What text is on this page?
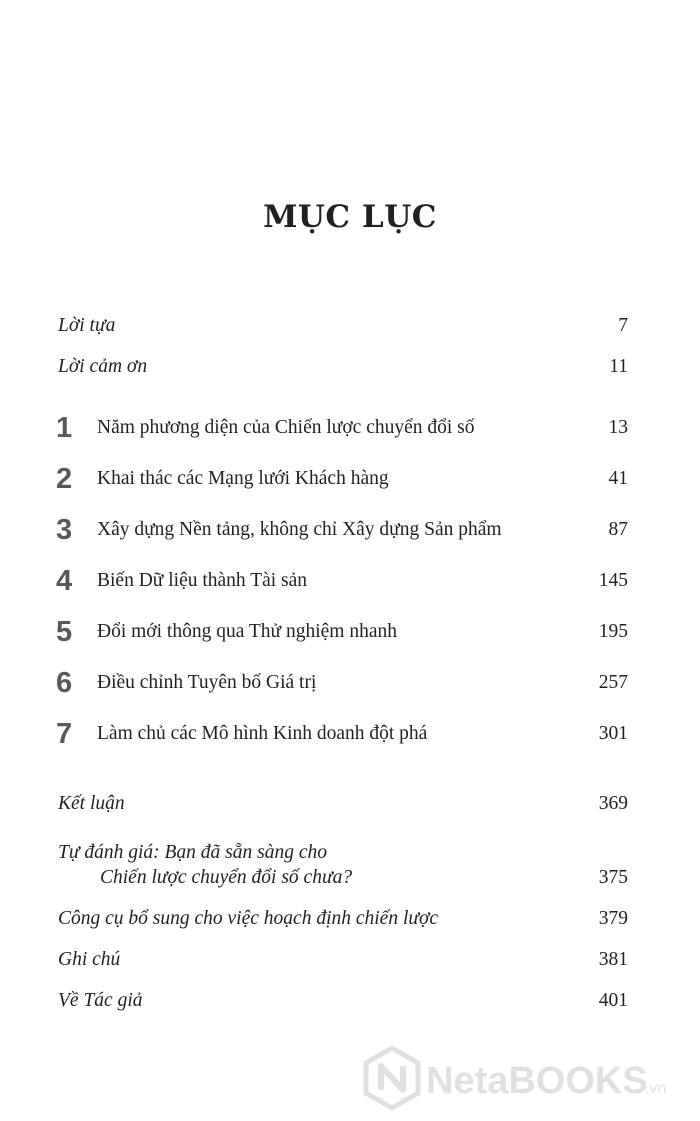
MỤC LỤC
Lời tựa	7
Lời cảm ơn	11
1 Năm phương diện của Chiến lược chuyển đổi số	13
2 Khai thác các Mạng lưới Khách hàng	41
3 Xây dựng Nền tảng, không chỉ Xây dựng Sản phẩm	87
4 Biến Dữ liệu thành Tài sản	145
5 Đổi mới thông qua Thử nghiệm nhanh	195
6 Điều chỉnh Tuyên bố Giá trị	257
7 Làm chủ các Mô hình Kinh doanh đột phá	301
Kết luận	369
Tự đánh giá: Bạn đã sẵn sàng cho
Chiến lược chuyển đổi số chưa?	375
Công cụ bổ sung cho việc hoạch định chiến lược	379
Ghi chú	381
Về Tác giả	401
NetaBOOKS
.vn
